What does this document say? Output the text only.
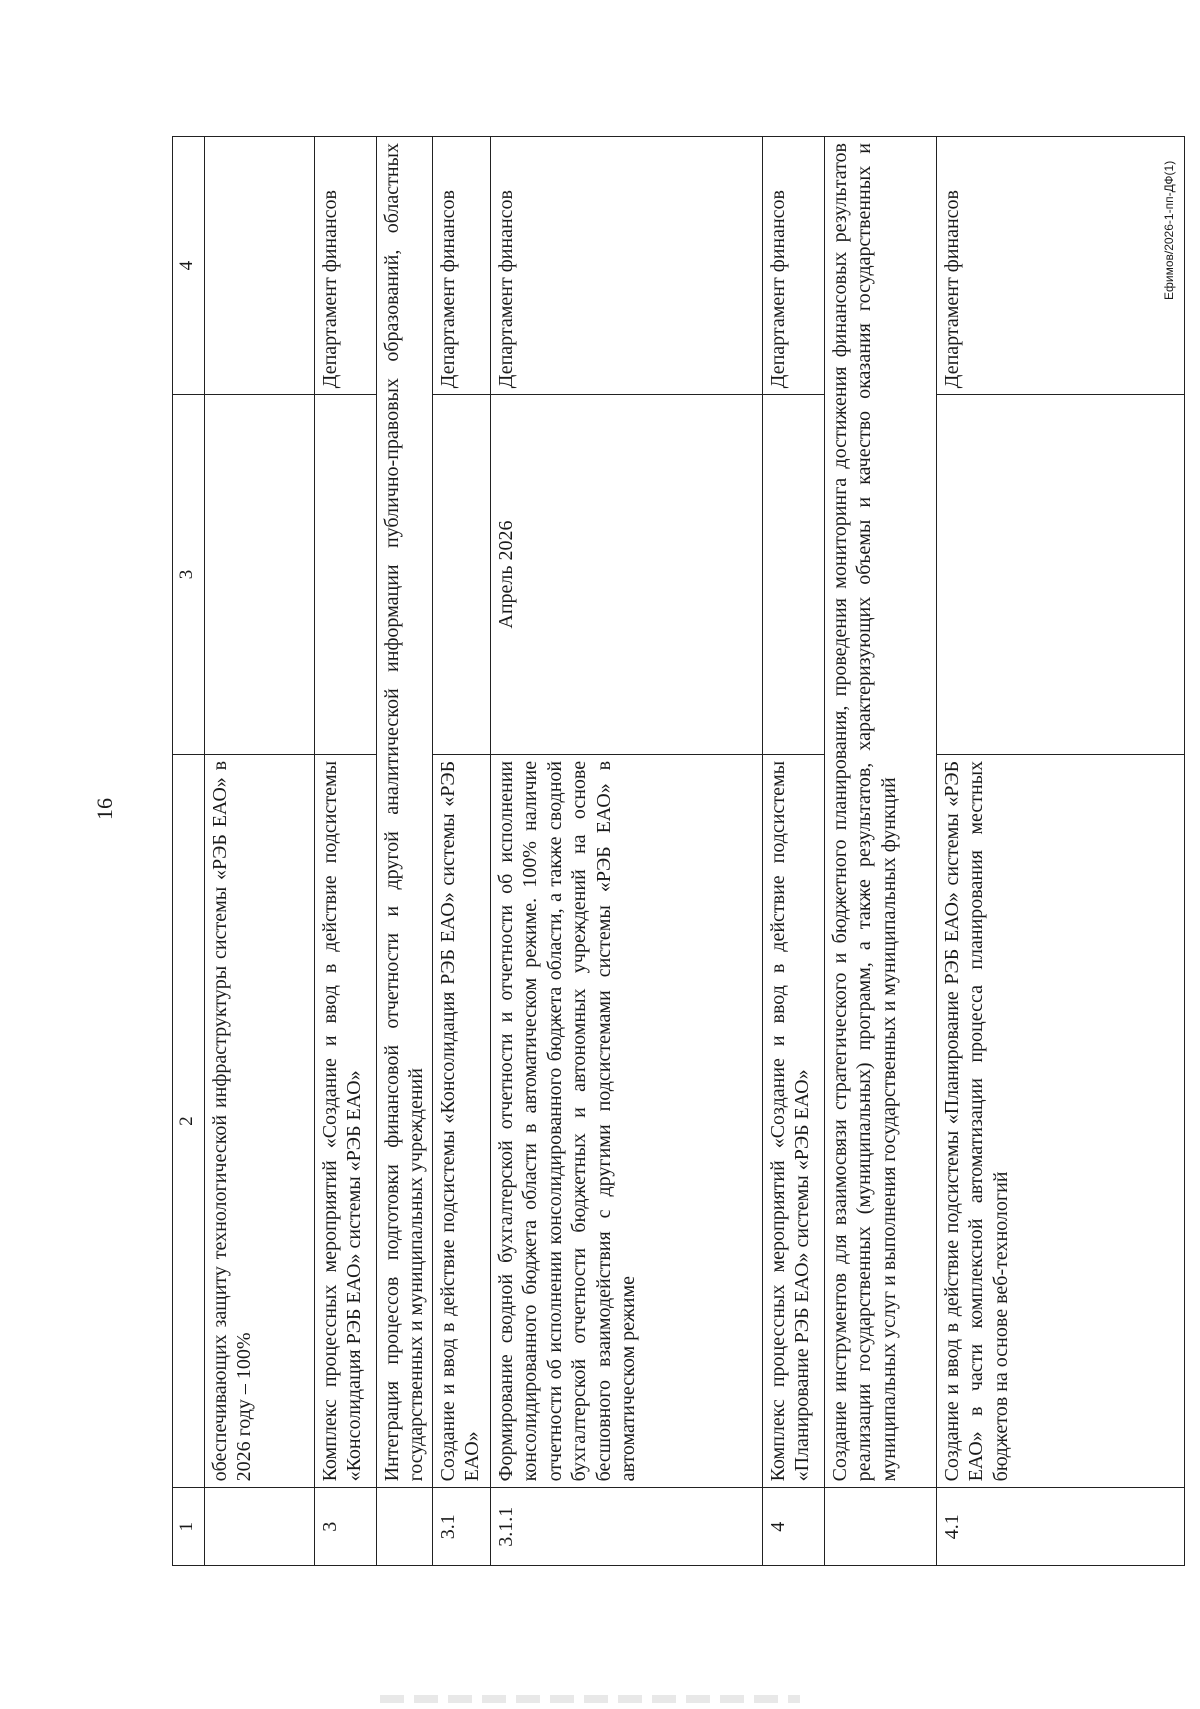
16
Ефимов/2026-1-пп-ДФ(1)
1	2	3	4
	обеспечивающих защиту технологической инфраструктуры системы «РЭБ ЕАО» в 2026 году – 100%		
3	Комплекс процессных мероприятий «Создание и ввод в действие подсистемы «Консолидация РЭБ ЕАО» системы «РЭБ ЕАО»		Департамент финансов
	Интеграция процессов подготовки финансовой отчетности и другой аналитической информации публично-правовых образований, областных государственных и муниципальных учреждений		
3.1	Создание и ввод в действие подсистемы «Консолидация РЭБ ЕАО» системы «РЭБ ЕАО»		Департамент финансов
3.1.1	Формирование сводной бухгалтерской отчетности и отчетности об исполнении консолидированного бюджета области в автоматическом режиме. 100% наличие отчетности об исполнении консолидированного бюджета области, а также сводной бухгалтерской отчетности бюджетных и автономных учреждений на основе бесшовного взаимодействия с другими подсистемами системы «РЭБ ЕАО» в автоматическом режиме	Апрель 2026	Департамент финансов
4	Комплекс процессных мероприятий «Создание и ввод в действие подсистемы «Планирование РЭБ ЕАО» системы «РЭБ ЕАО»		Департамент финансов
	Создание инструментов для взаимосвязи стратегического и бюджетного планирования, проведения мониторинга достижения финансовых результатов реализации государственных (муниципальных) программ, а также результатов, характеризующих объемы и качество оказания государственных и муниципальных услуг и выполнения государственных и муниципальных функций		
4.1	Создание и ввод в действие подсистемы «Планирование РЭБ ЕАО» системы «РЭБ ЕАО» в части комплексной автоматизации процесса планирования местных бюджетов на основе веб-технологий		Департамент финансов
